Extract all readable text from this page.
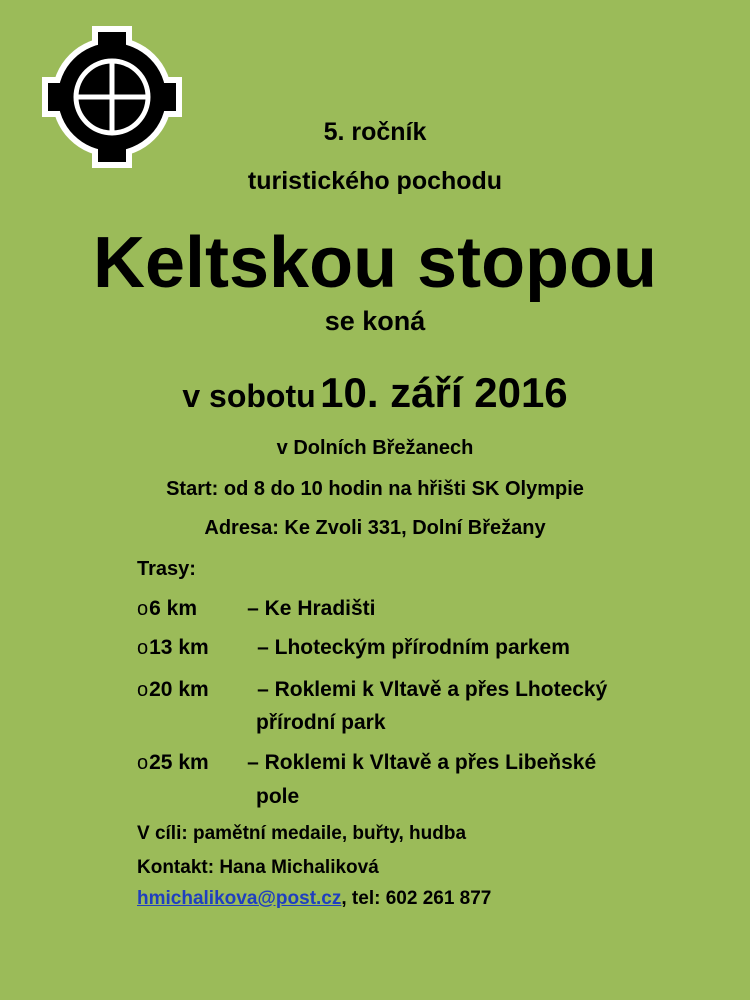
5. ročník
turistického pochodu
Keltskou stopou
se koná
v sobotu 10. září 2016
v Dolních Břežanech
Start: od 8 do 10 hodin na hřišti SK Olympie
Adresa: Ke Zvoli 331, Dolní Břežany
Trasy:
o6 km – Ke Hradišti
o13 km – Lhoteckým přírodním parkem
o20 km – Roklemi k Vltavě a přes Lhotecký
přírodní park
o25 km – Roklemi k Vltavě a přes Libeňské
pole
V cíli: pamětní medaile, buřty, hudba
Kontakt: Hana Michaliková
hmichalikova@post.cz, tel: 602 261 877
